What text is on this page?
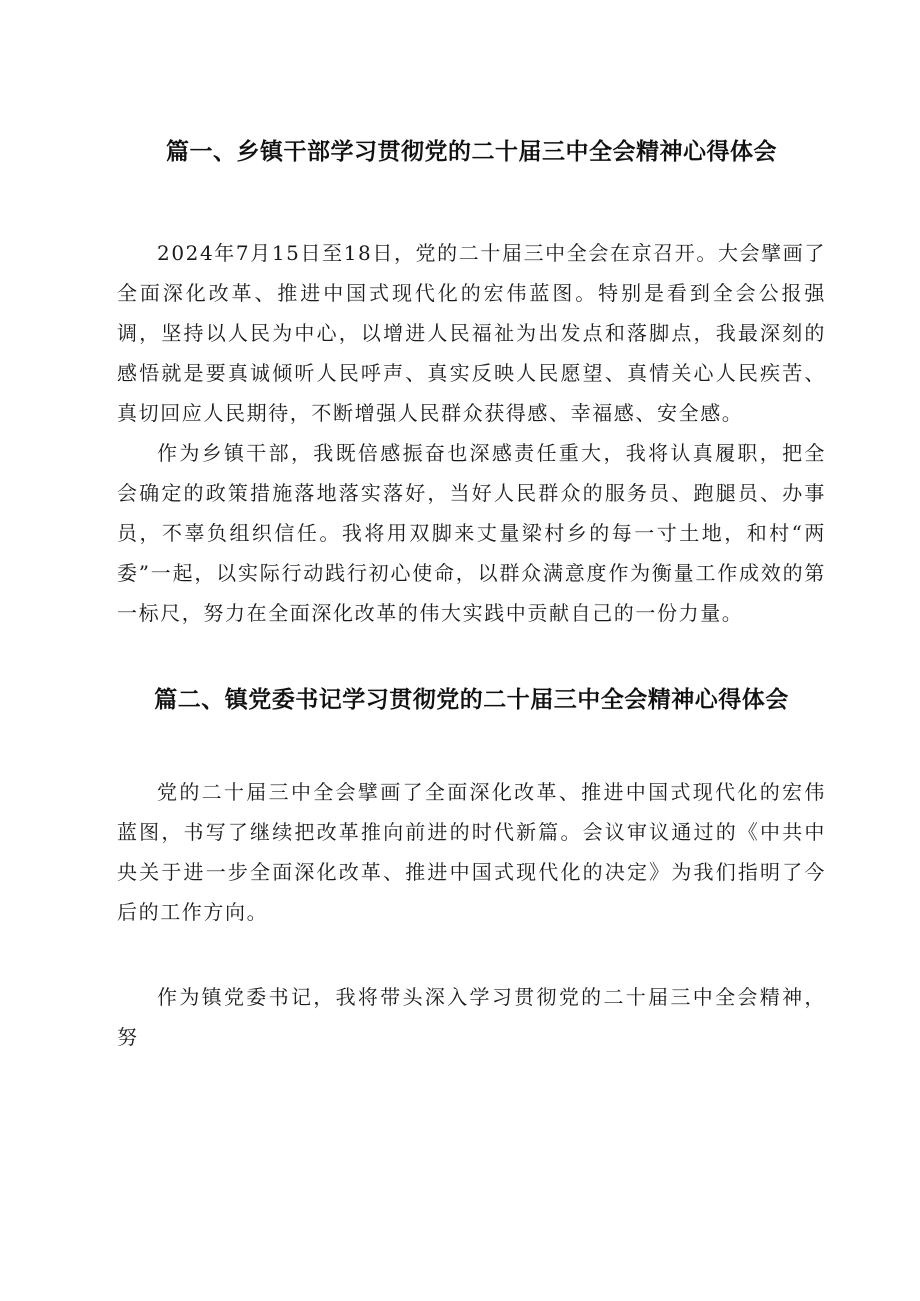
篇一、乡镇干部学习贯彻党的二十届三中全会精神心得体会

2024年7月15日至18日，党的二十届三中全会在京召开。大会擘画了全面深化改革、推进中国式现代化的宏伟蓝图。特别是看到全会公报强调，坚持以人民为中心，以增进人民福祉为出发点和落脚点，我最深刻的感悟就是要真诚倾听人民呼声、真实反映人民愿望、真情关心人民疾苦、真切回应人民期待，不断增强人民群众获得感、幸福感、安全感。

作为乡镇干部，我既倍感振奋也深感责任重大，我将认真履职，把全会确定的政策措施落地落实落好，当好人民群众的服务员、跑腿员、办事员，不辜负组织信任。我将用双脚来丈量梁村乡的每一寸土地，和村“两委”一起，以实际行动践行初心使命，以群众满意度作为衡量工作成效的第一标尺，努力在全面深化改革的伟大实践中贡献自己的一份力量。

篇二、镇党委书记学习贯彻党的二十届三中全会精神心得体会

党的二十届三中全会擘画了全面深化改革、推进中国式现代化的宏伟蓝图，书写了继续把改革推向前进的时代新篇。会议审议通过的《中共中央关于进一步全面深化改革、推进中国式现代化的决定》为我们指明了今后的工作方向。

作为镇党委书记，我将带头深入学习贯彻党的二十届三中全会精神，努
